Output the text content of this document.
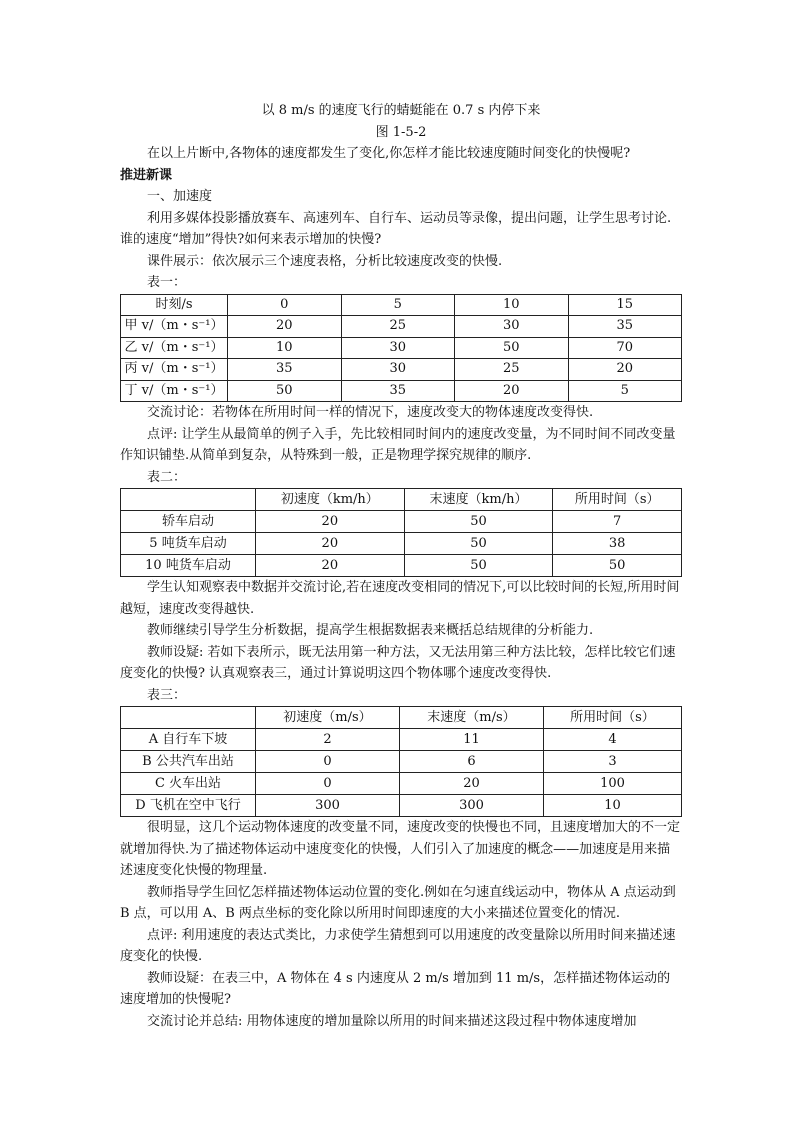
以 8 m/s 的速度飞行的蜻蜓能在 0.7 s 内停下来

图 1-5-2

在以上片断中,各物体的速度都发生了变化,你怎样才能比较速度随时间变化的快慢呢?

推进新课

一、加速度

利用多媒体投影播放赛车、高速列车、自行车、运动员等录像，提出问题，让学生思考讨论.谁的速度“增加”得快?如何来表示增加的快慢?

课件展示：依次展示三个速度表格，分析比较速度改变的快慢.

表一：

时刻/s	0	5	10	15
甲 v/（m・s⁻¹）	20	25	30	35
乙 v/（m・s⁻¹）	10	30	50	70
丙 v/（m・s⁻¹）	35	30	25	20
丁 v/（m・s⁻¹）	50	35	20	5

交流讨论：若物体在所用时间一样的情况下，速度改变大的物体速度改变得快.

点评: 让学生从最简单的例子入手，先比较相同时间内的速度改变量，为不同时间不同改变量作知识铺垫.从简单到复杂，从特殊到一般，正是物理学探究规律的顺序.

表二：

	初速度（km/h）	末速度（km/h）	所用时间（s）
轿车启动	20	50	7
5 吨货车启动	20	50	38
10 吨货车启动	20	50	50

学生认知观察表中数据并交流讨论,若在速度改变相同的情况下,可以比较时间的长短,所用时间越短，速度改变得越快.

教师继续引导学生分析数据，提高学生根据数据表来概括总结规律的分析能力.

教师设疑: 若如下表所示，既无法用第一种方法，又无法用第三种方法比较，怎样比较它们速度变化的快慢? 认真观察表三，通过计算说明这四个物体哪个速度改变得快.

表三：

	初速度（m/s）	末速度（m/s）	所用时间（s）
A 自行车下坡	2	11	4
B 公共汽车出站	0	6	3
C 火车出站	0	20	100
D 飞机在空中飞行	300	300	10

很明显，这几个运动物体速度的改变量不同，速度改变的快慢也不同，且速度增加大的不一定就增加得快.为了描述物体运动中速度变化的快慢，人们引入了加速度的概念——加速度是用来描述速度变化快慢的物理量.

教师指导学生回忆怎样描述物体运动位置的变化.例如在匀速直线运动中，物体从 A 点运动到 B 点，可以用 A、B 两点坐标的变化除以所用时间即速度的大小来描述位置变化的情况.

点评: 利用速度的表达式类比，力求使学生猜想到可以用速度的改变量除以所用时间来描述速度变化的快慢.

教师设疑：在表三中，A 物体在 4 s 内速度从 2 m/s 增加到 11 m/s，怎样描述物体运动的速度增加的快慢呢?

交流讨论并总结: 用物体速度的增加量除以所用的时间来描述这段过程中物体速度增加
